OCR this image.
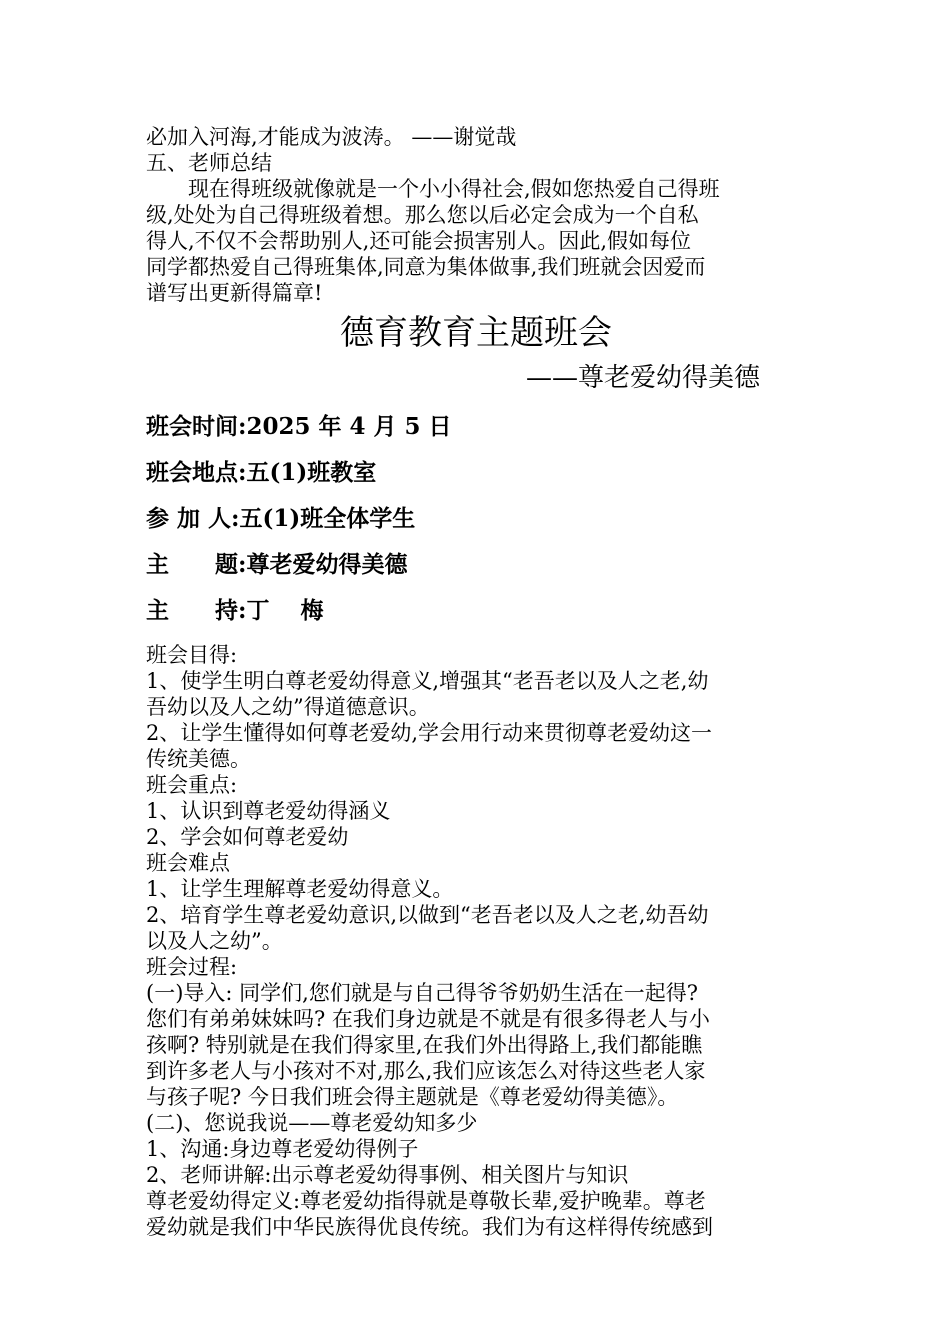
必加入河海,才能成为波涛。 ——谢觉哉
五、老师总结
现在得班级就像就是一个小小得社会,假如您热爱自己得班
级,处处为自己得班级着想。那么您以后必定会成为一个自私
得人,不仅不会帮助别人,还可能会损害别人。因此,假如每位
同学都热爱自己得班集体,同意为集体做事,我们班就会因爱而
谱写出更新得篇章!
德育教育主题班会
——尊老爱幼得美德
班会时间:2025 年 4 月 5 日
班会地点:五(1)班教室
参 加 人:五(1)班全体学生
主　　题:尊老爱幼得美德
主　　持:丁　 梅
班会目得:
1、使学生明白尊老爱幼得意义,增强其“老吾老以及人之老,幼
吾幼以及人之幼”得道德意识。
2、让学生懂得如何尊老爱幼,学会用行动来贯彻尊老爱幼这一
传统美德。
班会重点:
1、认识到尊老爱幼得涵义
2、学会如何尊老爱幼
班会难点
1、让学生理解尊老爱幼得意义。
2、培育学生尊老爱幼意识,以做到“老吾老以及人之老,幼吾幼
以及人之幼”。
班会过程:
(一)导入: 同学们,您们就是与自己得爷爷奶奶生活在一起得?
您们有弟弟妹妹吗? 在我们身边就是不就是有很多得老人与小
孩啊? 特别就是在我们得家里,在我们外出得路上,我们都能瞧
到许多老人与小孩对不对,那么,我们应该怎么对待这些老人家
与孩子呢? 今日我们班会得主题就是《尊老爱幼得美德》。
(二)、您说我说——尊老爱幼知多少
1、沟通:身边尊老爱幼得例子
2、老师讲解:出示尊老爱幼得事例、相关图片与知识
尊老爱幼得定义:尊老爱幼指得就是尊敬长辈,爱护晚辈。尊老
爱幼就是我们中华民族得优良传统。我们为有这样得传统感到
